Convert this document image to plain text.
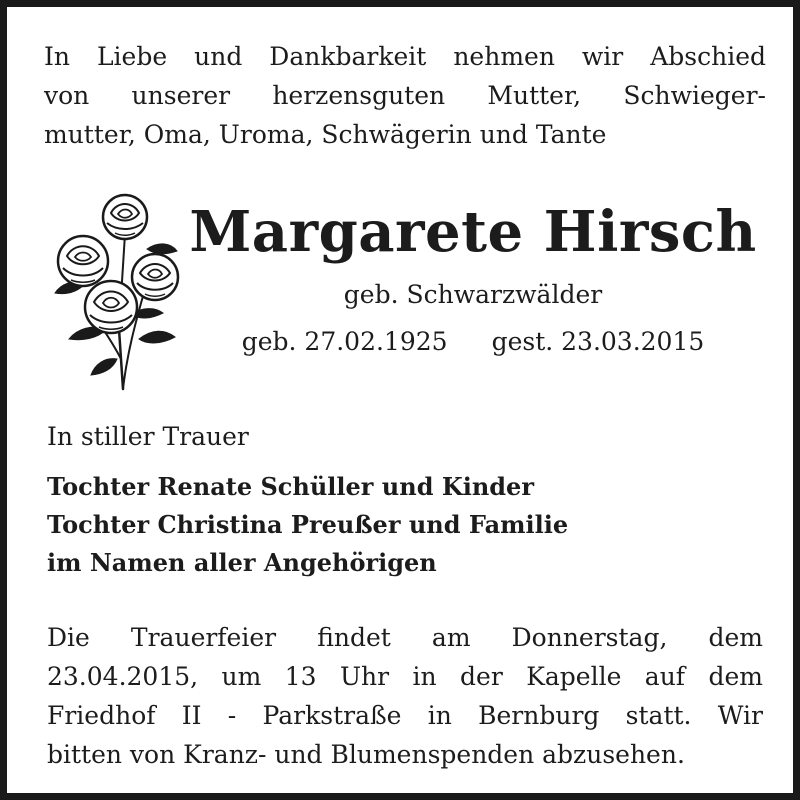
In Liebe und Dankbarkeit nehmen wir Abschied
von unserer herzensguten Mutter, Schwieger-
mutter, Oma, Uroma, Schwägerin und Tante

Margarete Hirsch

geb. Schwarzwälder

geb. 27.02.1925 gest. 23.03.2015

In stiller Trauer

Tochter Renate Schüller und Kinder
Tochter Christina Preußer und Familie
im Namen aller Angehörigen

Die Trauerfeier findet am Donnerstag, dem
23.04.2015, um 13 Uhr in der Kapelle auf dem
Friedhof II - Parkstraße in Bernburg statt. Wir
bitten von Kranz- und Blumenspenden abzusehen.
